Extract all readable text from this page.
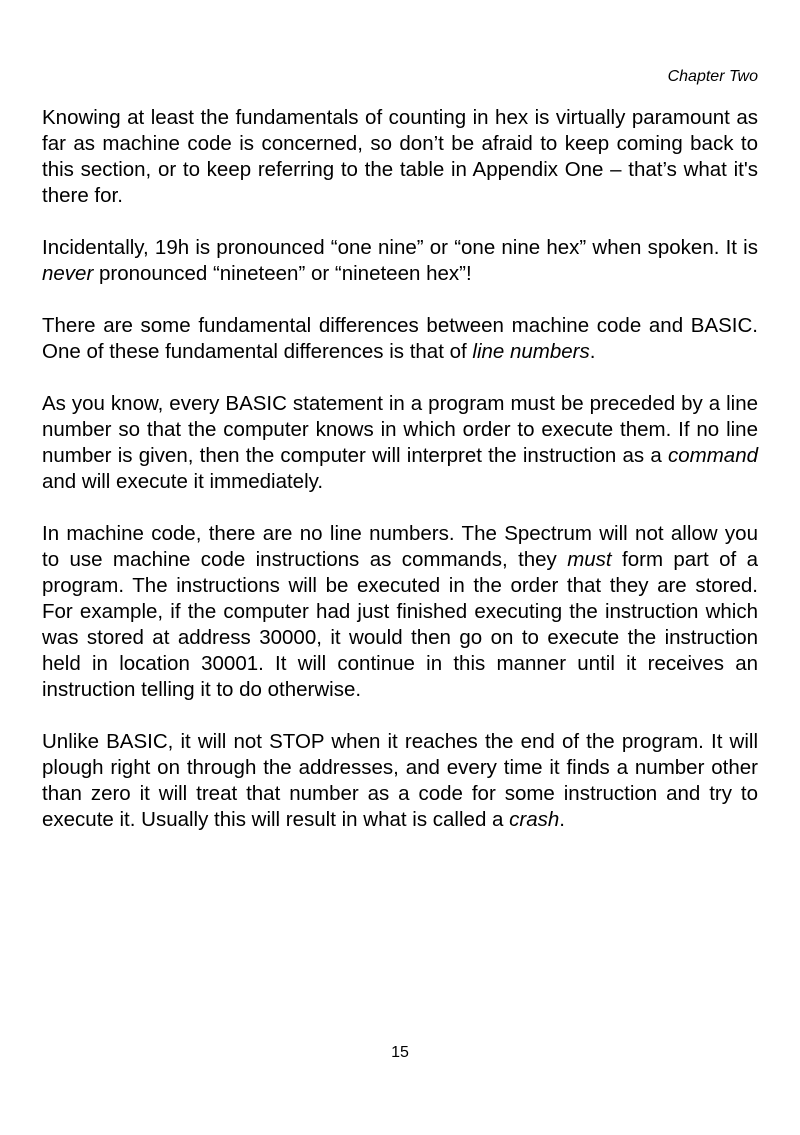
Chapter Two

Knowing at least the fundamentals of counting in hex is virtually paramount as far as machine code is concerned, so don’t be afraid to keep coming back to this section, or to keep referring to the table in Appendix One – that’s what it's there for.

Incidentally, 19h is pronounced “one nine” or “one nine hex” when spoken. It is never pronounced “nineteen” or “nineteen hex”!

There are some fundamental differences between machine code and BASIC. One of these fundamental differences is that of line numbers.

As you know, every BASIC statement in a program must be preceded by a line number so that the computer knows in which order to execute them. If no line number is given, then the computer will interpret the instruction as a command and will execute it immediately.

In machine code, there are no line numbers. The Spectrum will not allow you to use machine code instructions as commands, they must form part of a program. The instructions will be executed in the order that they are stored. For example, if the computer had just finished executing the instruction which was stored at address 30000, it would then go on to execute the instruction held in location 30001. It will continue in this manner until it receives an instruction telling it to do otherwise.

Unlike BASIC, it will not STOP when it reaches the end of the program. It will plough right on through the addresses, and every time it finds a number other than zero it will treat that number as a code for some instruction and try to execute it. Usually this will result in what is called a crash.

15
